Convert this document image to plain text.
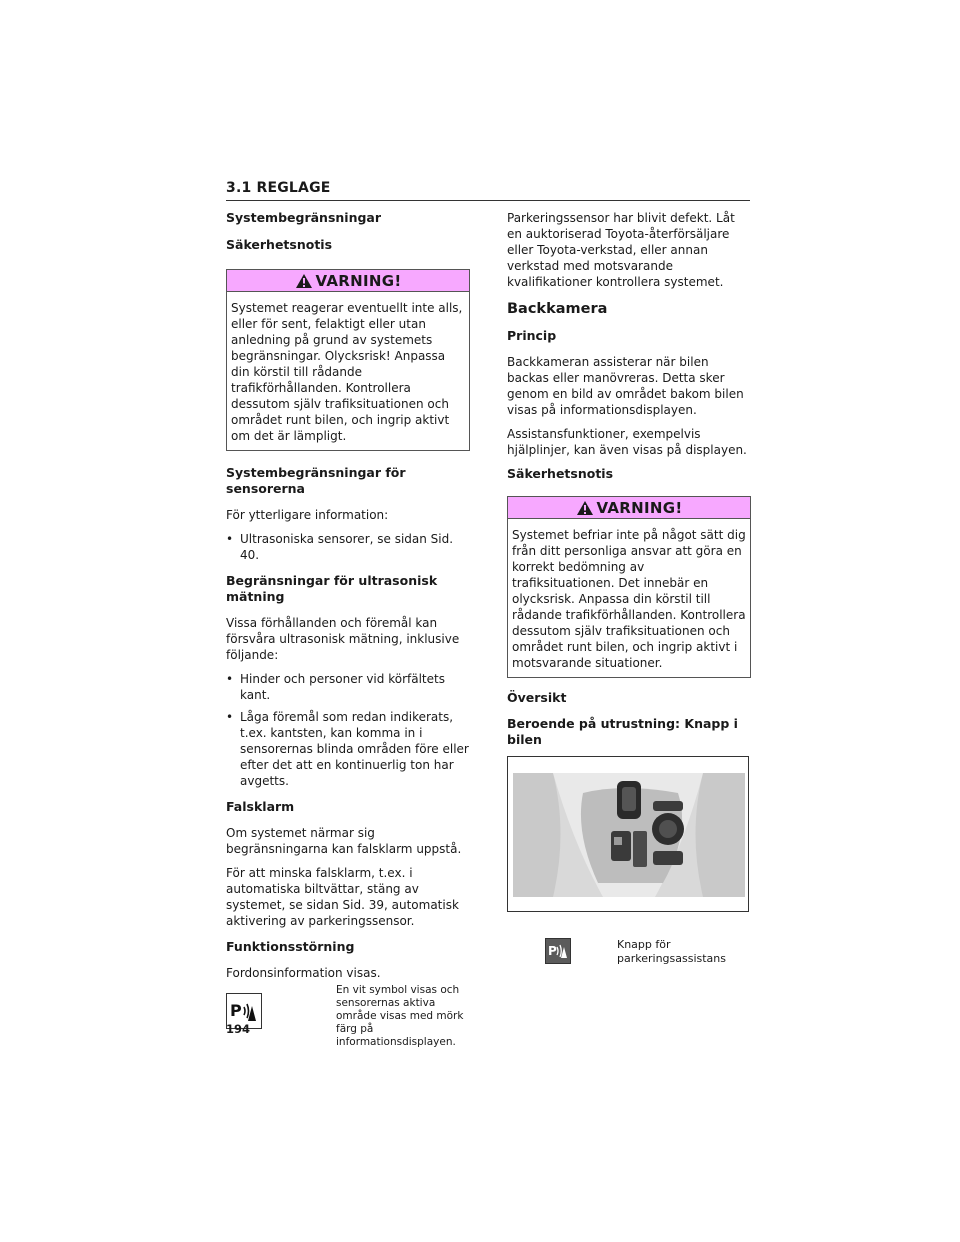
3.1 REGLAGE
Systembegränsningar
Säkerhetsnotis
VARNING!
Systemet reagerar eventuellt inte alls, eller för sent, felaktigt eller utan anledning på grund av systemets begränsningar. Olycksrisk! Anpassa din körstil till rådande trafikförhållanden. Kontrollera dessutom själv trafiksituationen och området runt bilen, och ingrip aktivt om det är lämpligt.
Systembegränsningar för sensorerna
För ytterligare information:
• Ultrasoniska sensorer, se sidan Sid. 40.
Begränsningar för ultrasonisk mätning
Vissa förhållanden och föremål kan försvåra ultrasonisk mätning, inklusive följande:
• Hinder och personer vid körfältets kant.
• Låga föremål som redan indikerats, t.ex. kantsten, kan komma in i sensorernas blinda områden före eller efter det att en kontinuerlig ton har avgetts.
Falsklarm
Om systemet närmar sig begränsningarna kan falsklarm uppstå.
För att minska falsklarm, t.ex. i automatiska biltvättar, stäng av systemet, se sidan Sid. 39, automatisk aktivering av parkeringssensor.
Funktionsstörning
Fordonsinformation visas.
P
En vit symbol visas och sensorernas aktiva område visas med mörk färg på informationsdisplayen.
194
Parkeringssensor har blivit defekt. Låt en auktoriserad Toyota-återförsäljare eller Toyota-verkstad, eller annan verkstad med motsvarande kvalifikationer kontrollera systemet.
Backkamera
Princip
Backkameran assisterar när bilen backas eller manövreras. Detta sker genom en bild av området bakom bilen visas på informationsdisplayen.
Assistansfunktioner, exempelvis hjälplinjer, kan även visas på displayen.
Säkerhetsnotis
VARNING!
Systemet befriar inte på något sätt dig från ditt personliga ansvar att göra en korrekt bedömning av trafiksituationen. Det innebär en olycksrisk. Anpassa din körstil till rådande trafikförhållanden. Kontrollera dessutom själv trafiksituationen och området runt bilen, och ingrip aktivt i motsvarande situationer.
Översikt
Beroende på utrustning: Knapp i bilen
P	Knapp för parkeringsassistans
